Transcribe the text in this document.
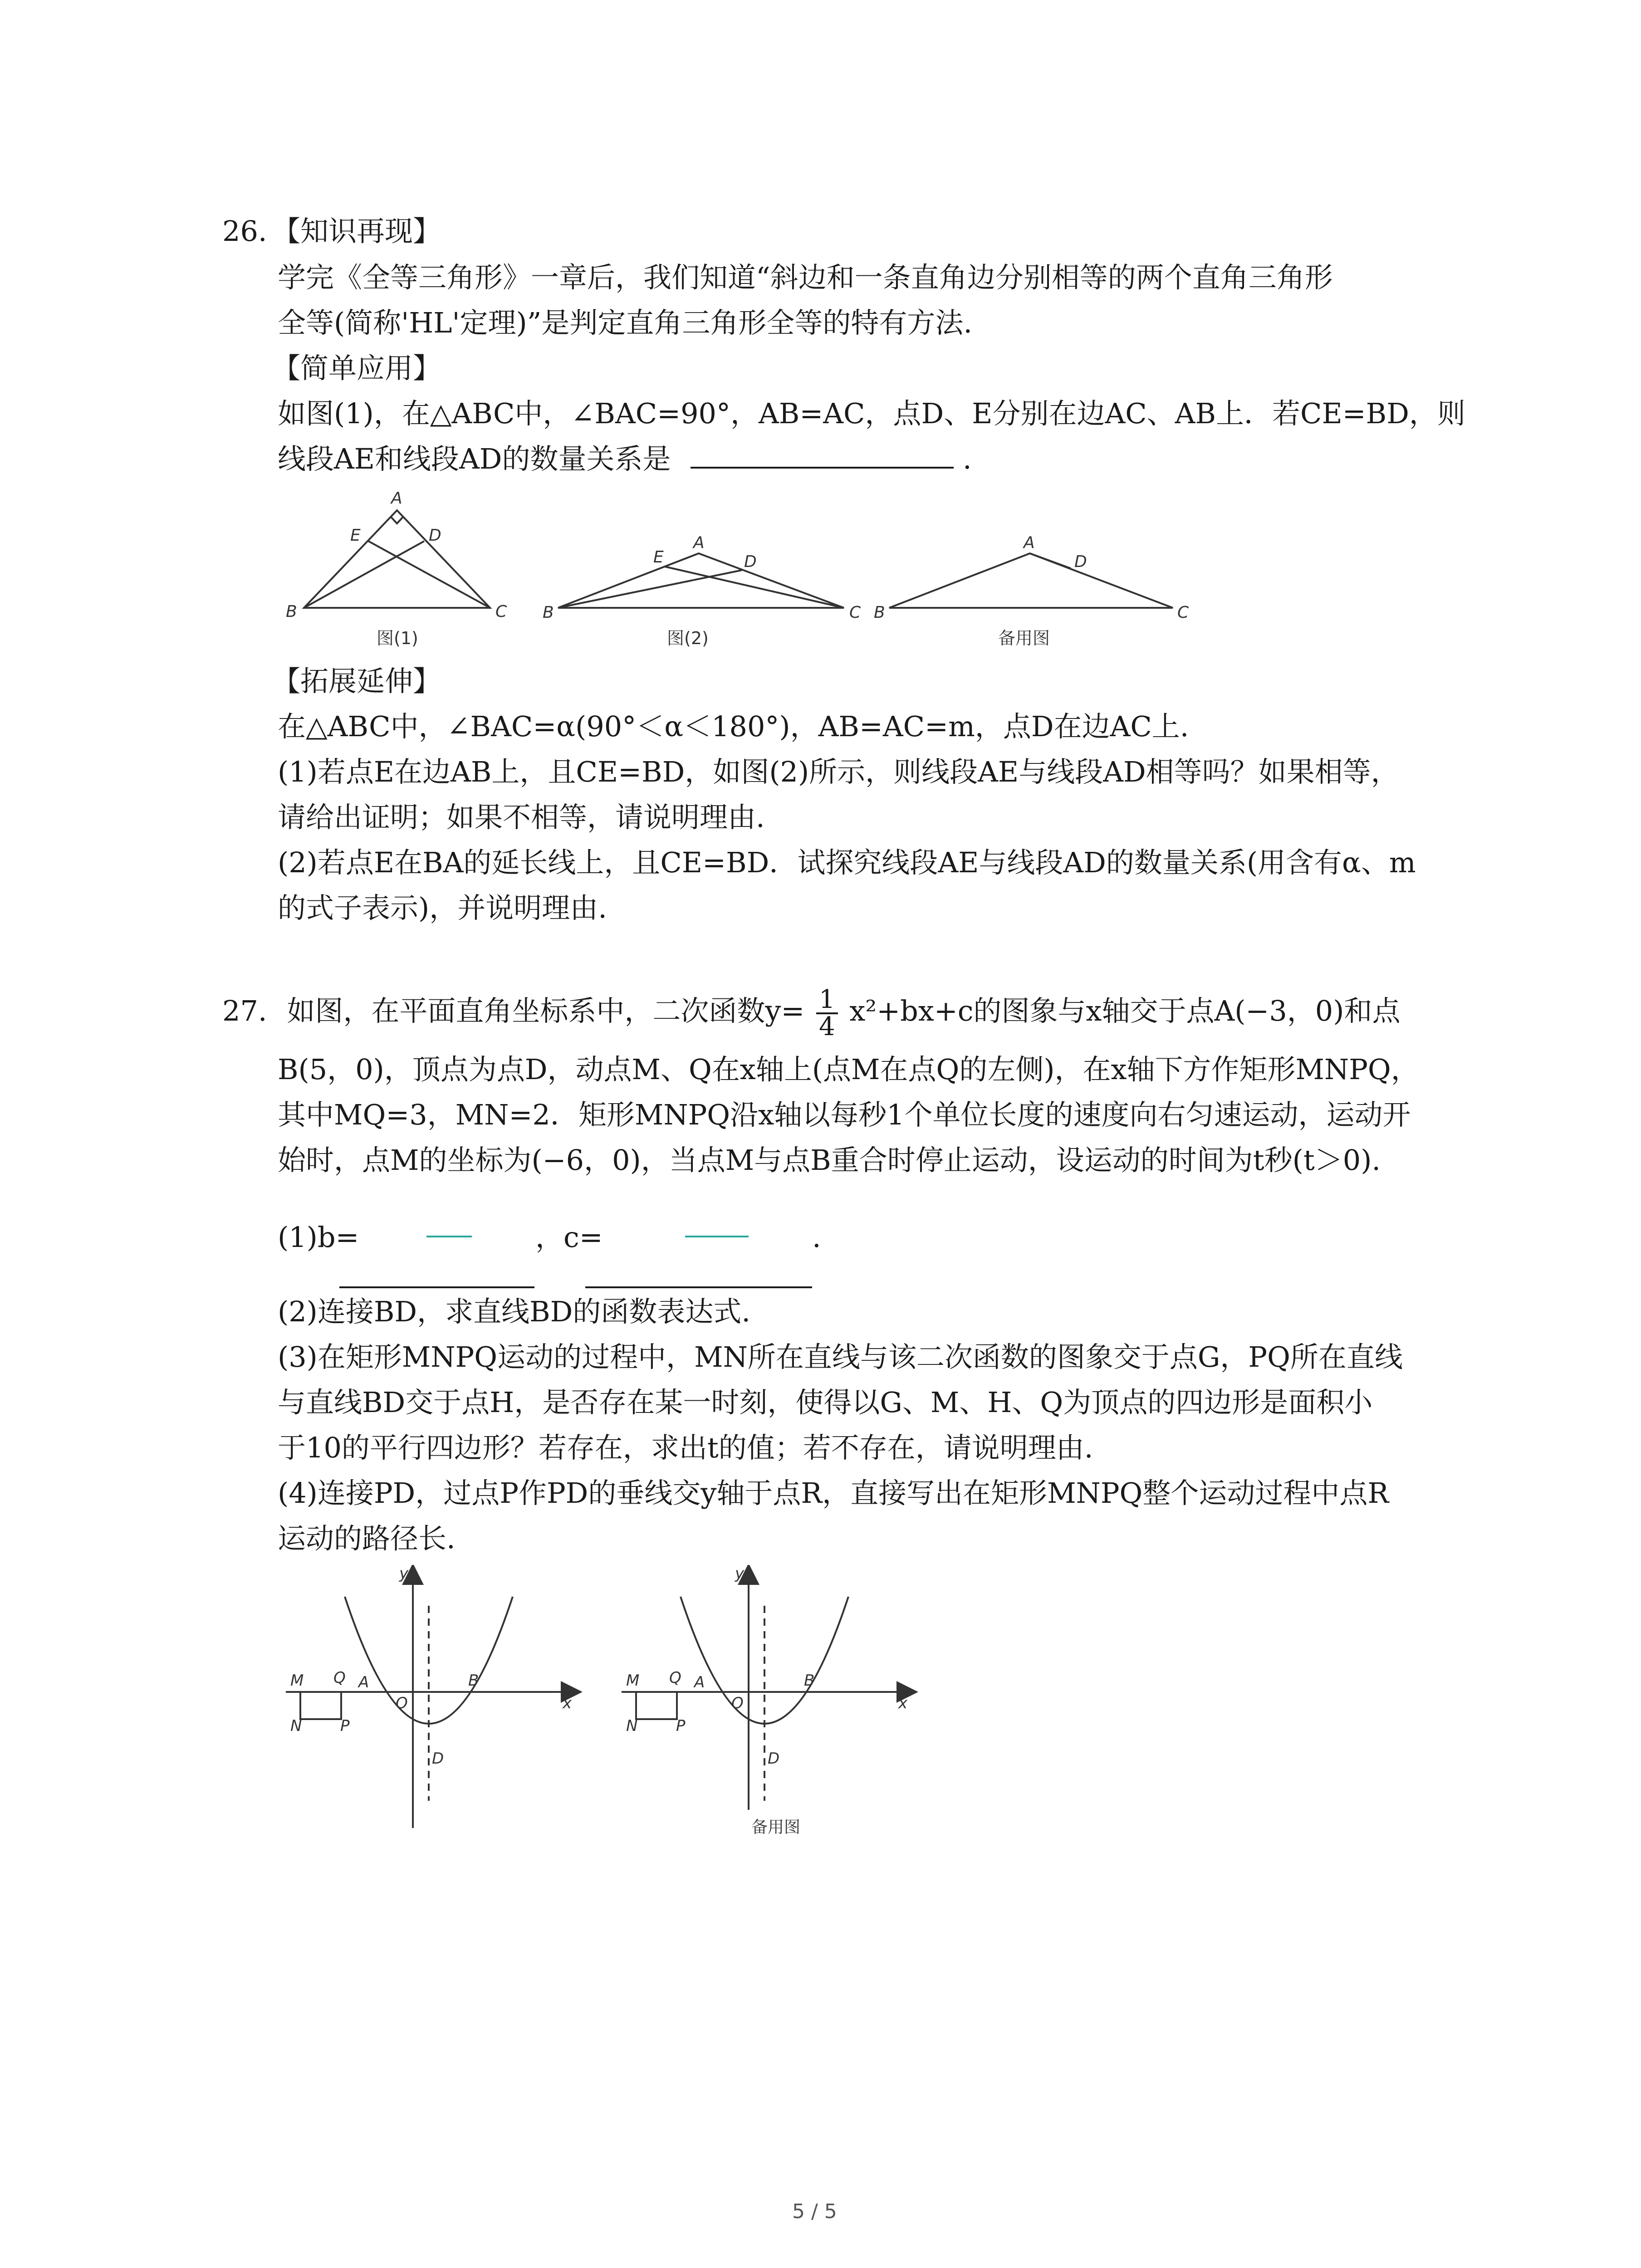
26. 【知识再现】
学完《全等三角形》一章后，我们知道“斜边和一条直角边分别相等的两个直角三角形
全等(简称'HL'定理)”是判定直角三角形全等的特有方法.
【简单应用】
如图(1)，在△ABC中，∠BAC=90°，AB=AC，点D、E分别在边AC、AB上．若CE=BD，则
线段AE和线段AD的数量关系是	.
A
E	D
B	C
E
A
D
B	C
A
D
B	C
图(1)	图(2)	备用图
【拓展延伸】
在△ABC中，∠BAC=α(90°＜α＜180°)，AB=AC=m，点D在边AC上.
(1)若点E在边AB上，且CE=BD，如图(2)所示，则线段AE与线段AD相等吗？如果相等，
请给出证明；如果不相等，请说明理由.
(2)若点E在BA的延长线上，且CE=BD．试探究线段AE与线段AD的数量关系(用含有α、m
的式子表示)，并说明理由.
27. 如图，在平面直角坐标系中，二次函数$y= \frac{1}{4} x^2+bx+c$的图象与x轴交于点A(−3，0)和点
B(5，0)，顶点为点D，动点M、Q在x轴上(点M在点Q的左侧)，在x轴下方作矩形MNPQ，
其中MQ=3，MN=2．矩形MNPQ沿x轴以每秒1个单位长度的速度向右匀速运动，运动开
始时，点M的坐标为(−6，0)，当点M与点B重合时停止运动，设运动的时间为t秒(t＞0).
(1)b=	，c=	.
(2)连接BD，求直线BD的函数表达式.
(3)在矩形MNPQ运动的过程中，MN所在直线与该二次函数的图象交于点G，PQ所在直线
与直线BD交于点H，是否存在某一时刻，使得以G、M、H、Q为顶点的四边形是面积小
于10的平行四边形？若存在，求出t的值；若不存在，请说明理由.
(4)连接PD，过点P作PD的垂线交y轴于点R，直接写出在矩形MNPQ整个运动过程中点R
运动的路径长.
y
x
M Q A
O
B
N P
D
y
x
M Q A
O
B
N P
D
备用图
5 / 5
